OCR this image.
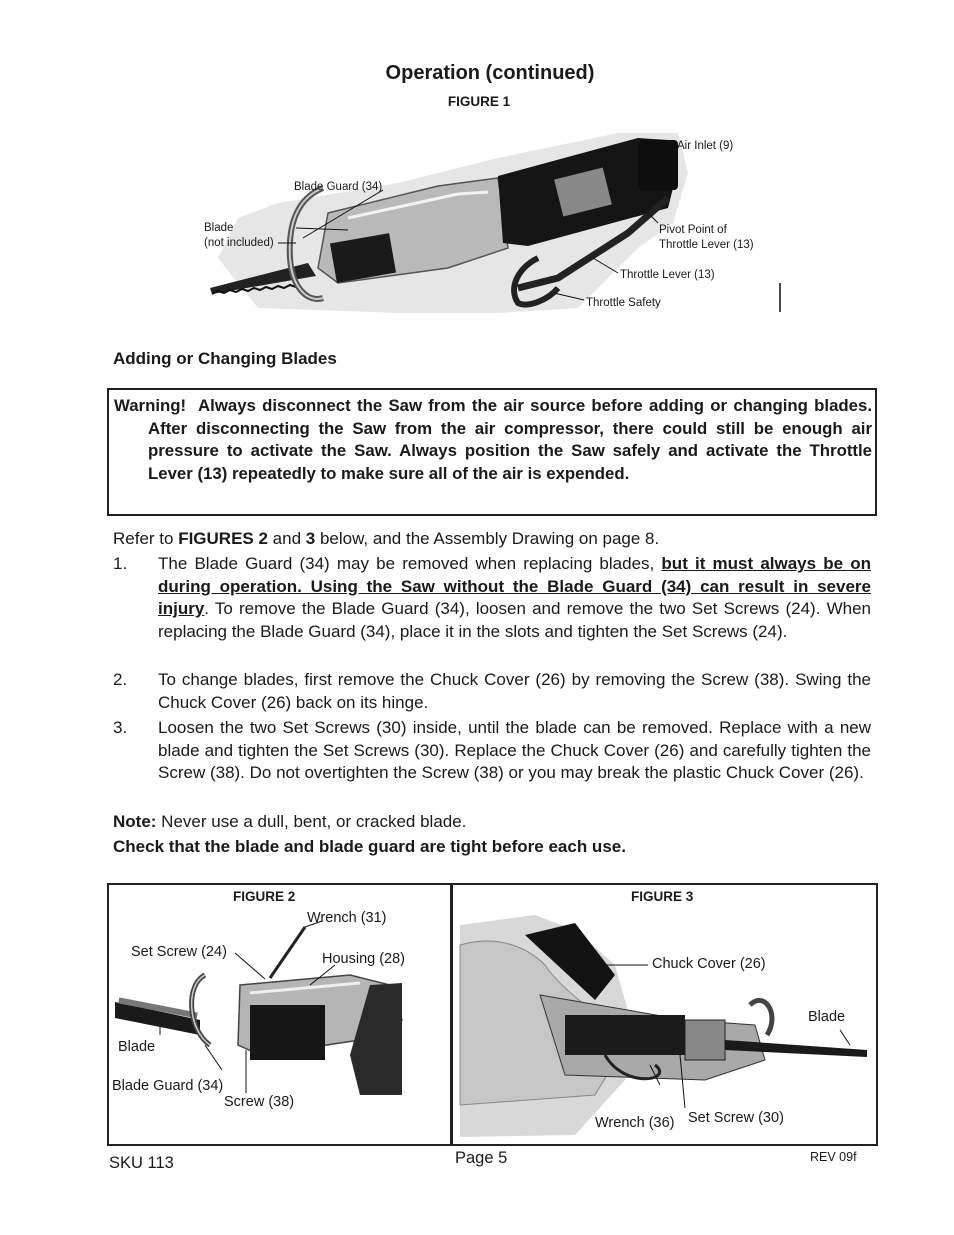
Operation (continued)
FIGURE 1
Air Inlet (9)
Blade Guard (34)
Blade
(not included)
Pivot Point of
Throttle Lever (13)
Throttle Lever (13)
Throttle Safety
Adding or Changing Blades

Warning! Always disconnect the Saw from the air source before adding or changing blades. After disconnecting the Saw from the air compressor, there could still be enough air pressure to activate the Saw. Always position the Saw safely and activate the Throttle Lever (13) repeatedly to make sure all of the air is expended.

Refer to FIGURES 2 and 3 below, and the Assembly Drawing on page 8.
1. The Blade Guard (34) may be removed when replacing blades, but it must always be on during operation. Using the Saw without the Blade Guard (34) can result in severe injury. To remove the Blade Guard (34), loosen and remove the two Set Screws (24). When replacing the Blade Guard (34), place it in the slots and tighten the Set Screws (24).
2. To change blades, first remove the Chuck Cover (26) by removing the Screw (38). Swing the Chuck Cover (26) back on its hinge.
3. Loosen the two Set Screws (30) inside, until the blade can be removed. Replace with a new blade and tighten the Set Screws (30). Replace the Chuck Cover (26) and carefully tighten the Screw (38). Do not overtighten the Screw (38) or you may break the plastic Chuck Cover (26).
Note: Never use a dull, bent, or cracked blade.
Check that the blade and blade guard are tight before each use.
FIGURE 2
Wrench (31)
Set Screw (24)	Housing (28)
Blade
Blade Guard (34)
Screw (38)
FIGURE 3
Chuck Cover (26)
Blade
Wrench (36) Set Screw (30)
SKU 113	Page 5	REV 09f
